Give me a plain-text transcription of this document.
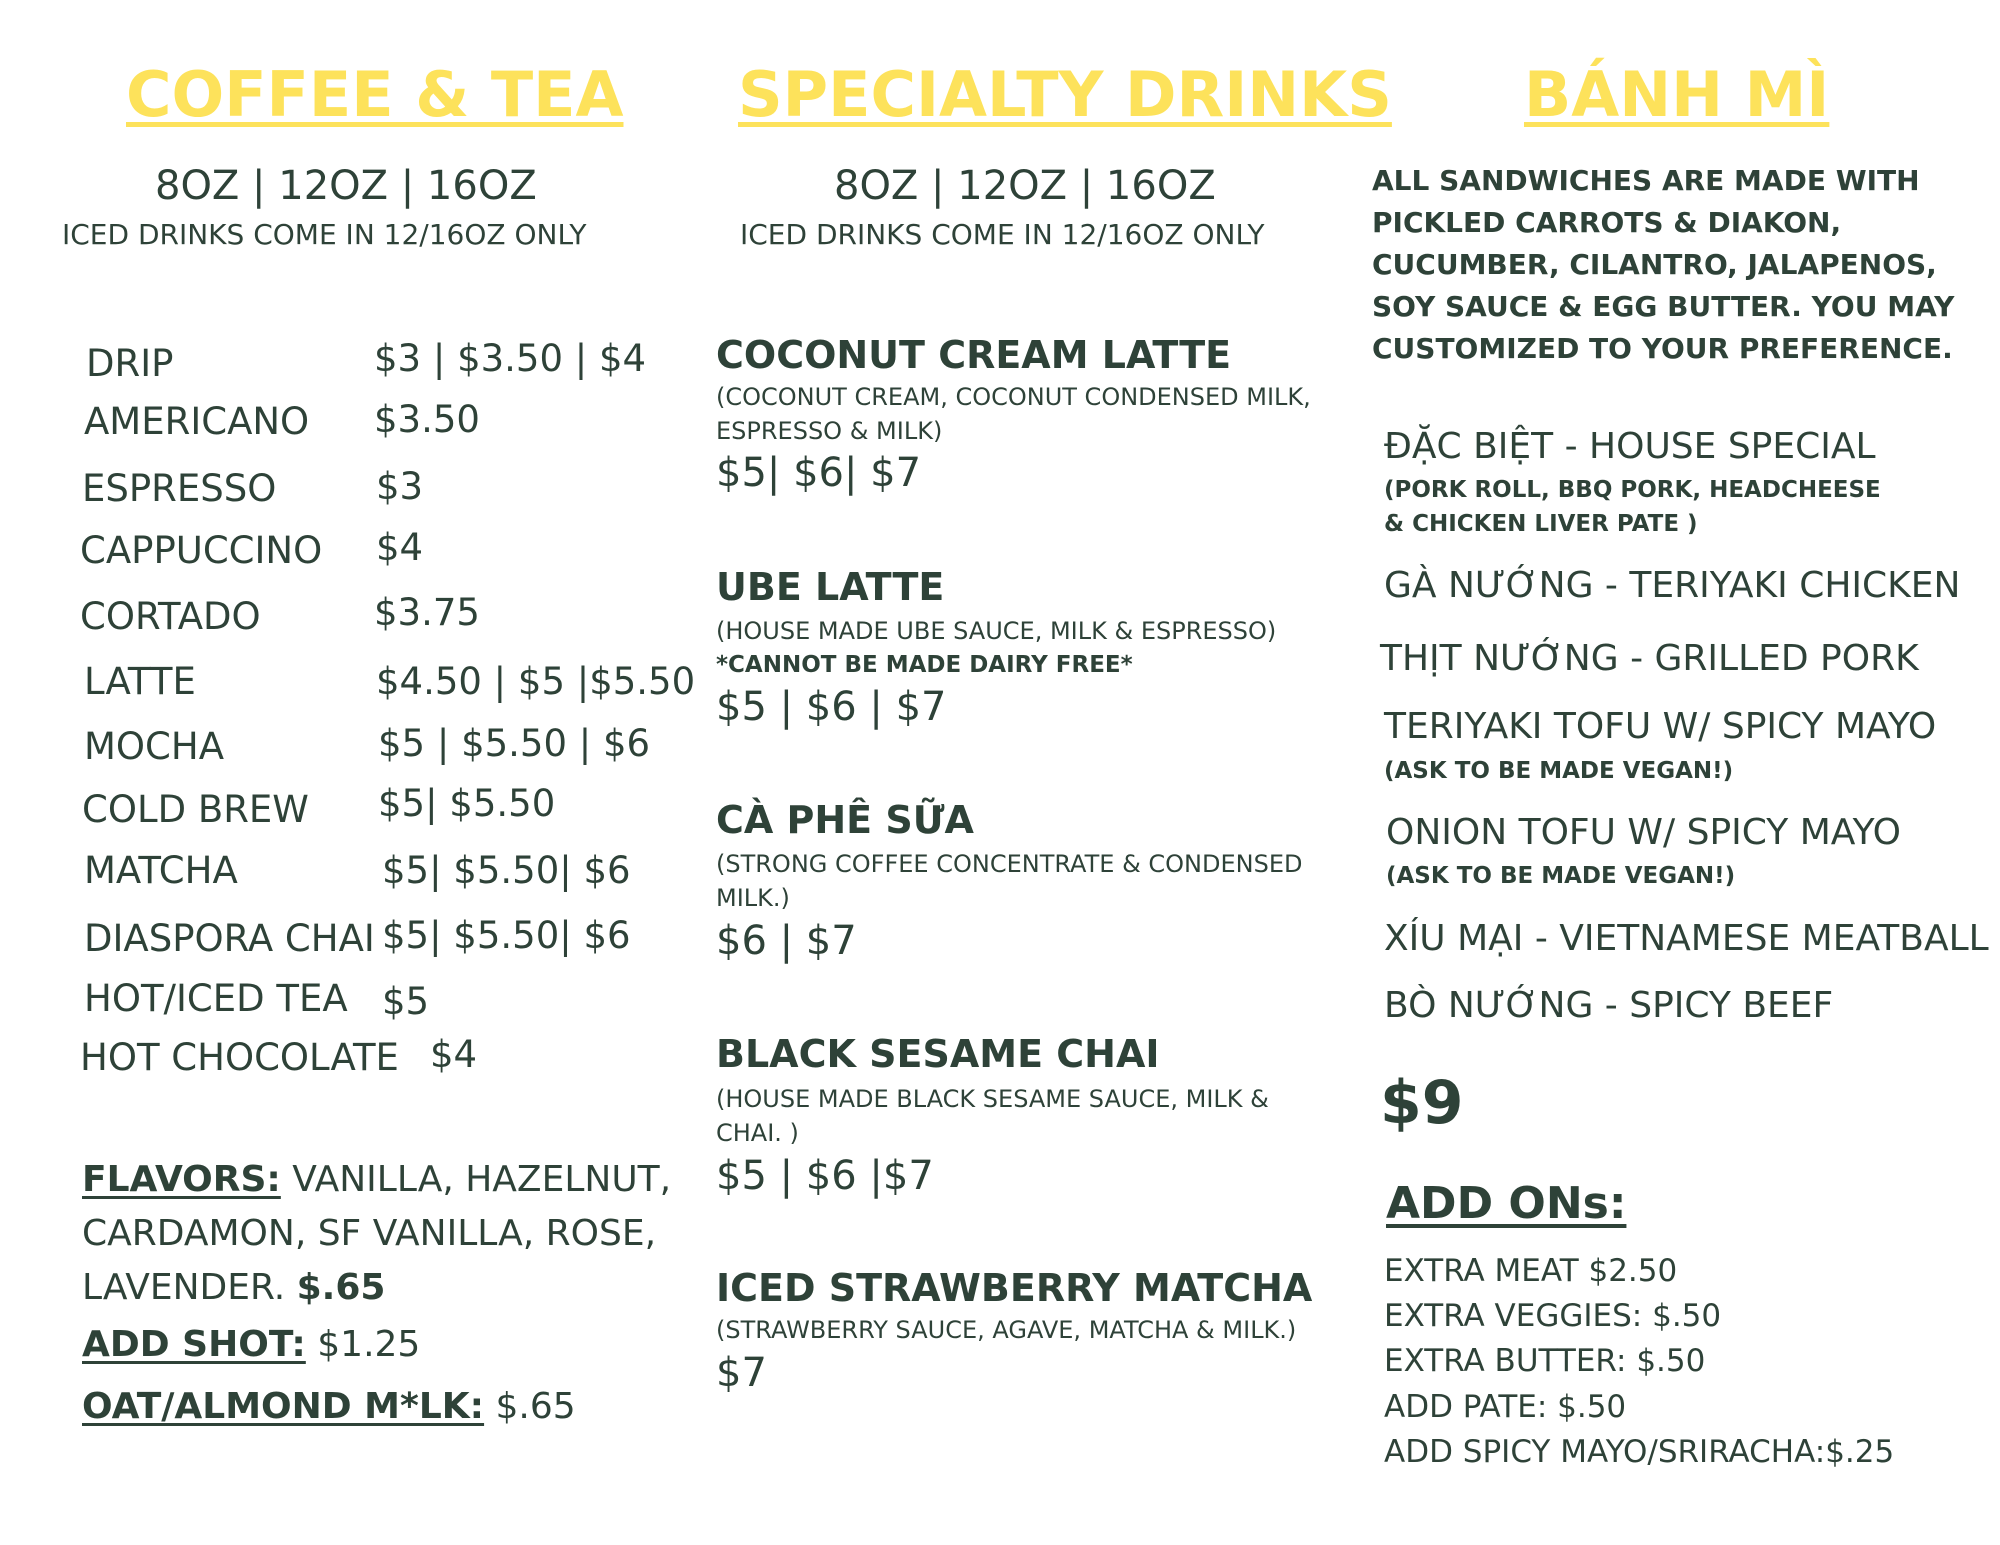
COFFEE & TEA
8OZ | 12OZ | 16OZ
ICED DRINKS COME IN 12/16OZ ONLY
DRIP	$3 | $3.50 | $4
AMERICANO $3.50
ESPRESSO	$3
CAPPUCCINO $4
CORTADO	$3.75
LATTE	$4.50 | $5 |$5.50
MOCHA	$5 | $5.50 | $6
COLD BREW $5| $5.50
MATCHA	$5| $5.50| $6
DIASPORA CHAI $5| $5.50| $6
HOT/ICED TEA $5
HOT CHOCOLATE $4
FLAVORS: VANILLA, HAZELNUT, CARDAMON, SF VANILLA, ROSE, LAVENDER. $.65
ADD SHOT: $1.25
OAT/ALMOND M*LK: $.65
SPECIALTY DRINKS
8OZ | 12OZ | 16OZ
ICED DRINKS COME IN 12/16OZ ONLY
COCONUT CREAM LATTE
(COCONUT CREAM, COCONUT CONDENSED MILK, ESPRESSO & MILK)
$5| $6| $7
UBE LATTE
(HOUSE MADE UBE SAUCE, MILK & ESPRESSO)
*CANNOT BE MADE DAIRY FREE*
$5 | $6 | $7
CÀ PHÊ SỮA
(STRONG COFFEE CONCENTRATE & CONDENSED MILK.)
$6 | $7
BLACK SESAME CHAI
(HOUSE MADE BLACK SESAME SAUCE, MILK & CHAI. )
$5 | $6 |$7
ICED STRAWBERRY MATCHA
(STRAWBERRY SAUCE, AGAVE, MATCHA & MILK.)
$7
BÁNH MÌ
ALL SANDWICHES ARE MADE WITH PICKLED CARROTS & DIAKON, CUCUMBER, CILANTRO, JALAPENOS, SOY SAUCE & EGG BUTTER. YOU MAY CUSTOMIZED TO YOUR PREFERENCE.
ĐẶC BIỆT - HOUSE SPECIAL
(PORK ROLL, BBQ PORK, HEADCHEESE & CHICKEN LIVER PATE )
GÀ NƯỚNG - TERIYAKI CHICKEN
THỊT NƯỚNG - GRILLED PORK
TERIYAKI TOFU W/ SPICY MAYO
(ASK TO BE MADE VEGAN!)
ONION TOFU W/ SPICY MAYO
(ASK TO BE MADE VEGAN!)
XÍU MẠI - VIETNAMESE MEATBALL
BÒ NƯỚNG - SPICY BEEF
$9
ADD ONs:
EXTRA MEAT $2.50
EXTRA VEGGIES: $.50
EXTRA BUTTER: $.50
ADD PATE: $.50
ADD SPICY MAYO/SRIRACHA:$.25
